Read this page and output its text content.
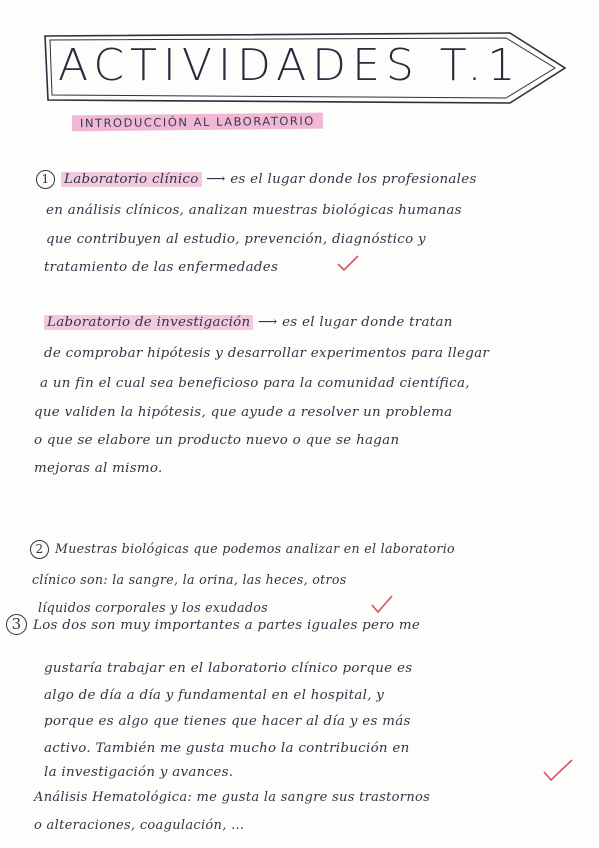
ACTIVIDADES T.1
INTRODUCCIÓN AL LABORATORIO
1 Laboratorio clínico ⟶ es el lugar donde los profesionales
en análisis clínicos, analizan muestras biológicas humanas
que contribuyen al estudio, prevención, diagnóstico y
tratamiento de las enfermedades
Laboratorio de investigación ⟶ es el lugar donde tratan
de comprobar hipótesis y desarrollar experimentos para llegar
a un fin el cual sea beneficioso para la comunidad científica,
que validen la hipótesis, que ayude a resolver un problema
o que se elabore un producto nuevo o que se hagan
mejoras al mismo.
2 Muestras biológicas que podemos analizar en el laboratorio
clínico son: la sangre, la orina, las heces, otros
líquidos corporales y los exudados
3 Los dos son muy importantes a partes iguales pero me
gustaría trabajar en el laboratorio clínico porque es
algo de día a día y fundamental en el hospital, y
porque es algo que tienes que hacer al día y es más
activo. También me gusta mucho la contribución en
la investigación y avances.
Análisis Hematológica: me gusta la sangre sus trastornos
o alteraciones, coagulación, ...
